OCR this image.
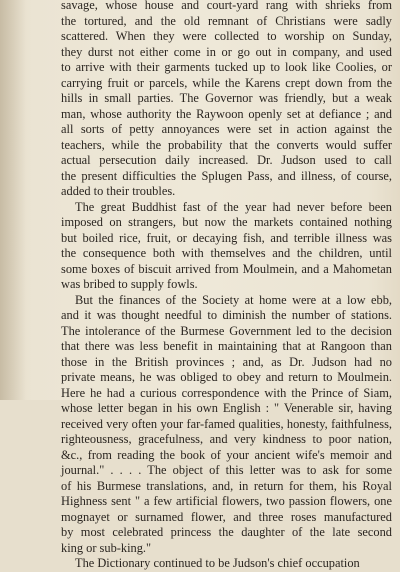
savage, whose house and court-yard rang with shrieks from
the tortured, and the old remnant of Christians were sadly
scattered. When they were collected to worship on Sunday,
they durst not either come in or go out in company, and used
to arrive with their garments tucked up to look like Coolies, or
carrying fruit or parcels, while the Karens crept down from the
hills in small parties. The Governor was friendly, but a weak
man, whose authority the Raywoon openly set at defiance ; and
all sorts of petty annoyances were set in action against the
teachers, while the probability that the converts would suffer
actual persecution daily increased. Dr. Judson used to call
the present difficulties the Splugen Pass, and illness, of course,
added to their troubles.
The great Buddhist fast of the year had never before been
imposed on strangers, but now the markets contained nothing
but boiled rice, fruit, or decaying fish, and terrible illness was
the consequence both with themselves and the children, until
some boxes of biscuit arrived from Moulmein, and a Mahometan
was bribed to supply fowls.
But the finances of the Society at home were at a low ebb,
and it was thought needful to diminish the number of stations.
The intolerance of the Burmese Government led to the decision
that there was less benefit in maintaining that at Rangoon than
those in the British provinces ; and, as Dr. Judson had no
private means, he was obliged to obey and return to Moulmein.
Here he had a curious correspondence with the Prince of Siam,
whose letter began in his own English : " Venerable sir, having
received very often your far-famed qualities, honesty, faithfulness,
righteousness, gracefulness, and very kindness to poor nation,
&c., from reading the book of your ancient wife's memoir and
journal." . . . . The object of this letter was to ask for some
of his Burmese translations, and, in return for them, his Royal
Highness sent " a few artificial flowers, two passion flowers, one
mognayet or surnamed flower, and three roses manufactured
by most celebrated princess the daughter of the late second
king or sub-king."
The Dictionary continued to be Judson's chief occupation
